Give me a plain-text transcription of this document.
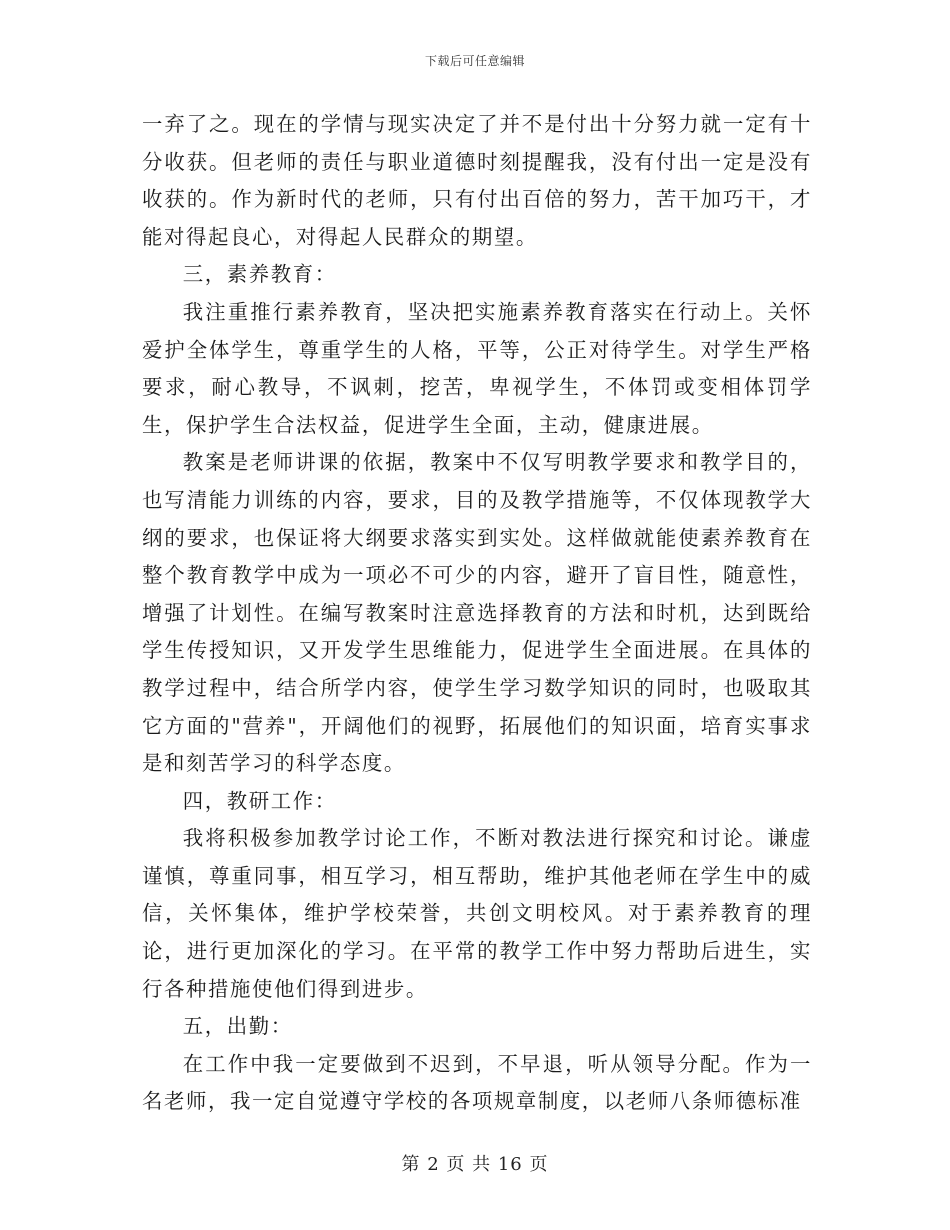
下载后可任意编辑

一弃了之。现在的学情与现实决定了并不是付出十分努力就一定有十分收获。但老师的责任与职业道德时刻提醒我，没有付出一定是没有收获的。作为新时代的老师，只有付出百倍的努力，苦干加巧干，才能对得起良心，对得起人民群众的期望。

三，素养教育：

我注重推行素养教育，坚决把实施素养教育落实在行动上。关怀爱护全体学生，尊重学生的人格，平等，公正对待学生。对学生严格要求，耐心教导，不讽刺，挖苦，卑视学生，不体罚或变相体罚学生，保护学生合法权益，促进学生全面，主动，健康进展。

教案是老师讲课的依据，教案中不仅写明教学要求和教学目的，也写清能力训练的内容，要求，目的及教学措施等，不仅体现教学大纲的要求，也保证将大纲要求落实到实处。这样做就能使素养教育在整个教育教学中成为一项必不可少的内容，避开了盲目性，随意性，增强了计划性。在编写教案时注意选择教育的方法和时机，达到既给学生传授知识，又开发学生思维能力，促进学生全面进展。在具体的教学过程中，结合所学内容，使学生学习数学知识的同时，也吸取其它方面的"营养"，开阔他们的视野，拓展他们的知识面，培育实事求是和刻苦学习的科学态度。

四，教研工作：

我将积极参加教学讨论工作，不断对教法进行探究和讨论。谦虚谨慎，尊重同事，相互学习，相互帮助，维护其他老师在学生中的威信，关怀集体，维护学校荣誉，共创文明校风。对于素养教育的理论，进行更加深化的学习。在平常的教学工作中努力帮助后进生，实行各种措施使他们得到进步。

五，出勤：

在工作中我一定要做到不迟到，不早退，听从领导分配。作为一名老师，我一定自觉遵守学校的各项规章制度，以老师八条师德标准

第 2 页 共 16 页
